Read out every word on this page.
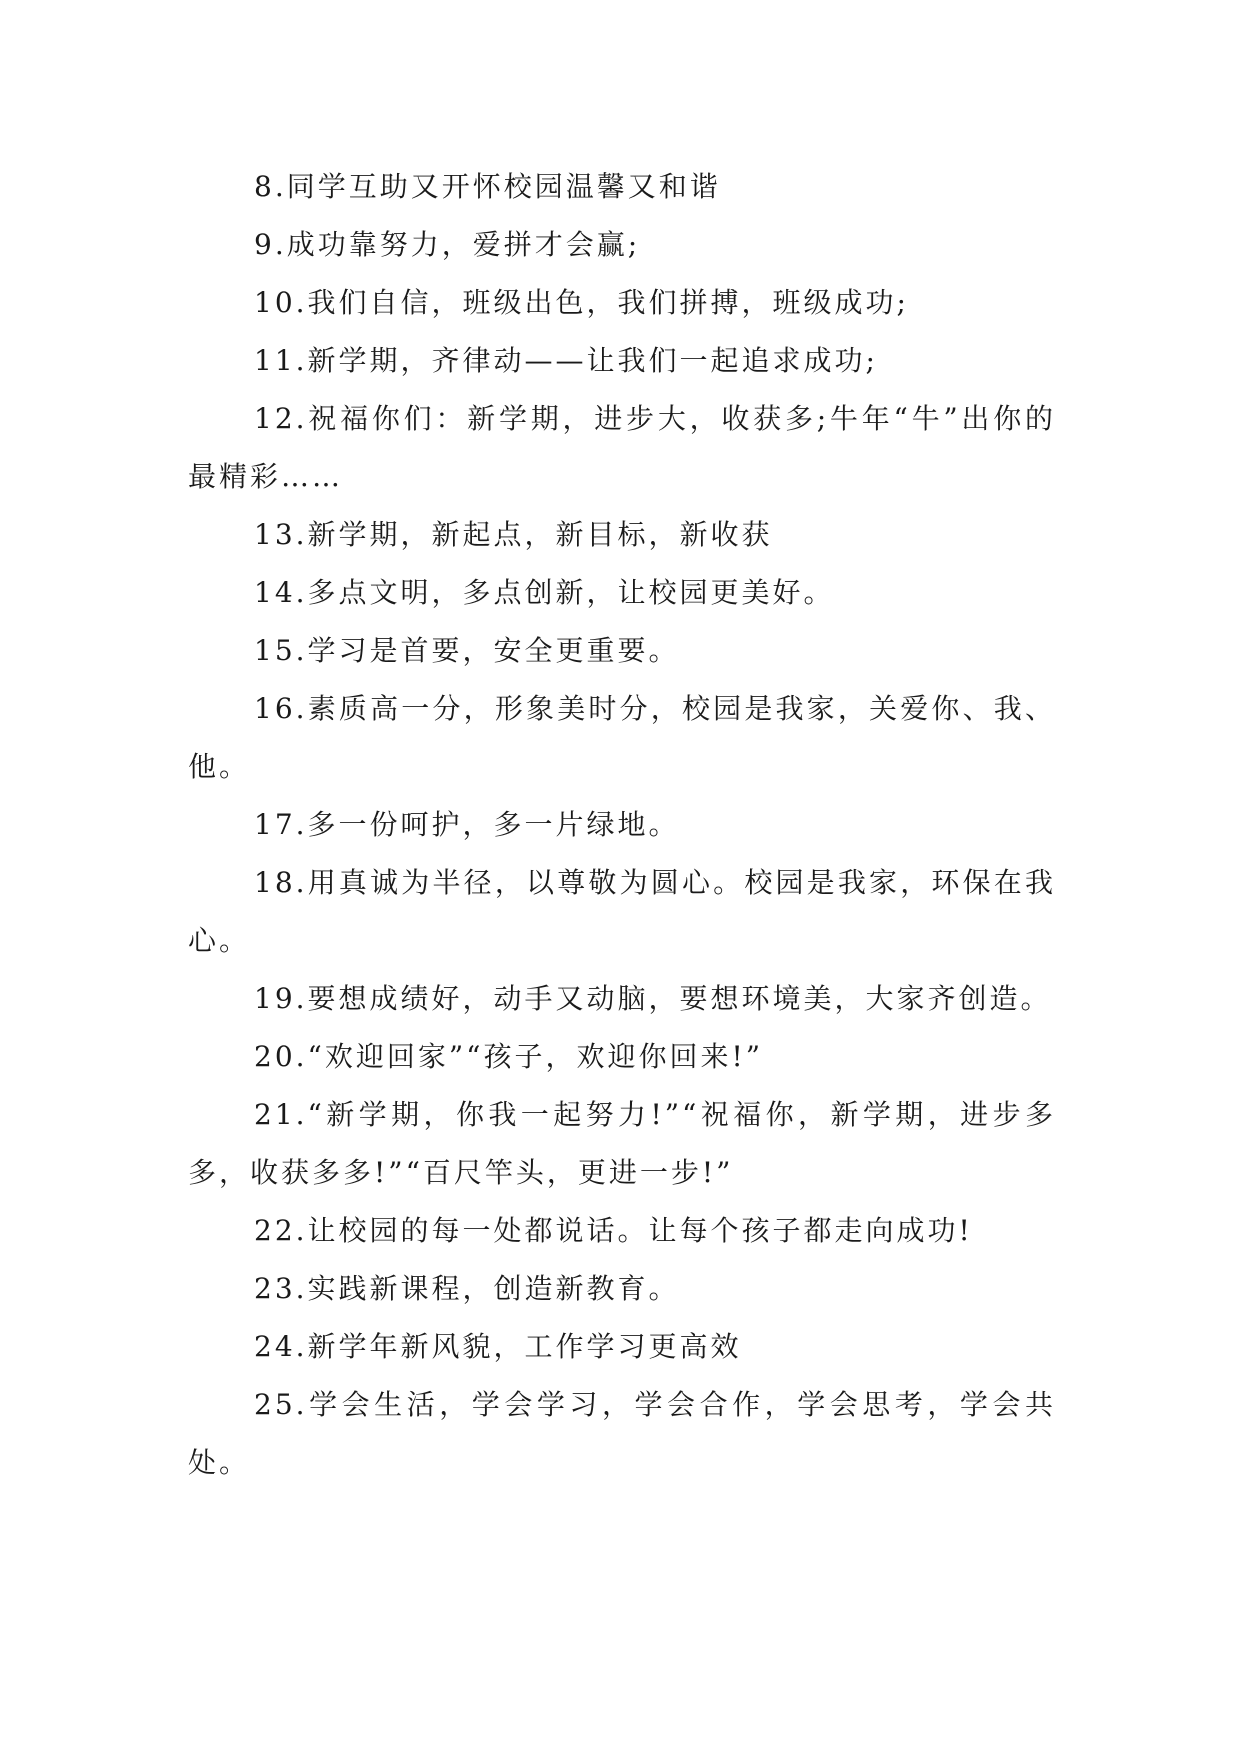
8.同学互助又开怀校园温馨又和谐

9.成功靠努力，爱拼才会赢;

10.我们自信，班级出色，我们拼搏，班级成功;

11.新学期，齐律动——让我们一起追求成功;

12.祝福你们：新学期，进步大，收获多;牛年“牛”出你的最精彩……

13.新学期，新起点，新目标，新收获

14.多点文明，多点创新，让校园更美好。

15.学习是首要，安全更重要。

16.素质高一分，形象美时分，校园是我家，关爱你、我、他。

17.多一份呵护，多一片绿地。

18.用真诚为半径，以尊敬为圆心。校园是我家，环保在我心。

19.要想成绩好，动手又动脑，要想环境美，大家齐创造。

20.“欢迎回家”“孩子，欢迎你回来!”

21.“新学期，你我一起努力!”“祝福你，新学期，进步多多，收获多多!”“百尺竿头，更进一步!”

22.让校园的每一处都说话。让每个孩子都走向成功!

23.实践新课程，创造新教育。

24.新学年新风貌，工作学习更高效

25.学会生活，学会学习，学会合作，学会思考，学会共处。
